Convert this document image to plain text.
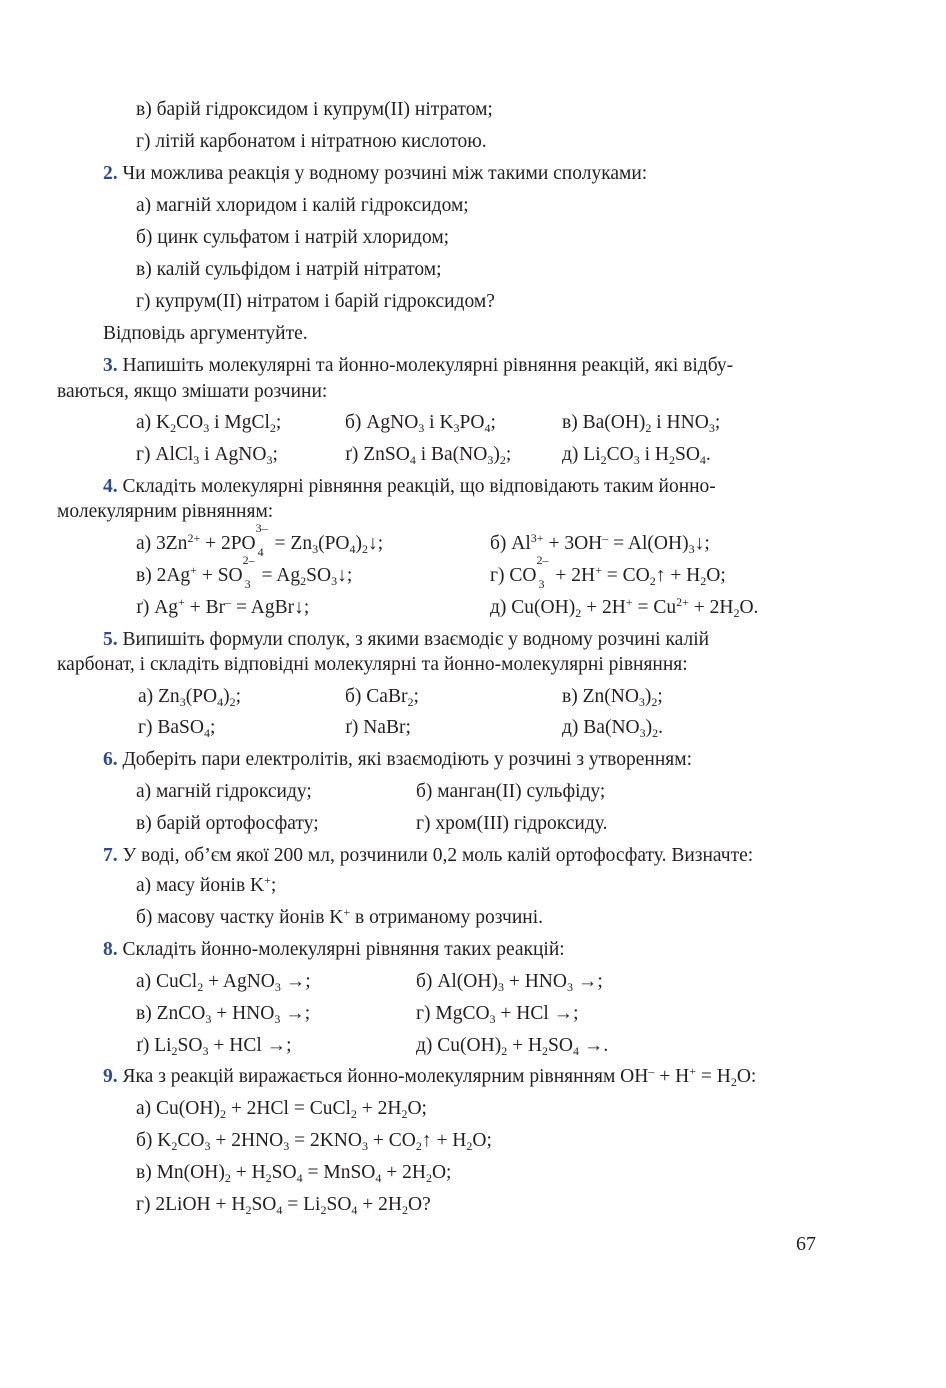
в) барій гідроксидом і купрум(ІІ) нітратом;
г) літій карбонатом і нітратною кислотою.
2. Чи можлива реакція у водному розчині між такими сполуками:
а) магній хлоридом і калій гідроксидом;
б) цинк сульфатом і натрій хлоридом;
в) калій сульфідом і натрій нітратом;
г) купрум(ІІ) нітратом і барій гідроксидом?
Відповідь аргументуйте.
3. Напишіть молекулярні та йонно-молекулярні рівняння реакцій, які відбу-
ваються, якщо змішати розчини:
а) $K_2CO_3$ і MgCl$_2$;	б) AgNO$_3$ і $K_3PO_4$;	в) $Ba(OH)_2$ і $HNO_3$;
г) AlCl$_3$ і AgNO$_3$;	ґ) ZnSO$_4$ і $Ba(NO_3)_2$;	д) $Li_2CO_3$ і $H_2SO_4$.
4. Складіть молекулярні рівняння реакцій, що відповідають таким йонно-
молекулярним рівнянням:
а) $3Zn^{2+} + 2PO$
3–
$4 = Zn_3(PO_4)_2↓$;	б) $Al^{3+} + 3OH^-$ = $Al(OH)_3↓$;
в) 2Ag+ + SO
2–
$3 = Ag_2SO_3↓$;	г) CO
2–
$3 + 2H^+ = CO_2↑ + H_2O$;
ґ) Ag+ + Br– = AgBr↓;	д) $Cu(OH)_2 + 2H^+ = Cu^{2+} + 2H_2O$.
5. Випишіть формули сполук, з якими взаємодіє у водному розчині калій
карбонат, і складіть відповідні молекулярні та йонно-молекулярні рівняння:
а) $Zn_3(PO_4)_2$;	б) CaBr$_2$;	в) $Zn(NO_3)_2$;
г) BaSO$_4$;	ґ) NaBr;	д) $Ba(NO_3)_2$.
6. Доберіть пари електролітів, які взаємодіють у розчині з утворенням:
а) магній гідроксиду;	б) манган(ІІ) сульфіду;
в) барій ортофосфату;	г) хром(ІІІ) гідроксиду.
7. У воді, об’єм якої 200 мл, розчинили 0,2 моль калій ортофосфату. Визначте:
а) масу йонів K+;
б) масову частку йонів K+ в отриманому розчині.
8. Складіть йонно-молекулярні рівняння таких реакцій:
а) CuCl$_2$ + AgNO$_3$ →;	б) $Al(OH)_3 + HNO_3$ →;
в) ZnCO$_3$ + $HNO_3$ →;	г) MgCO$_3$ + HCl →;
ґ) $Li_2SO_3$ + HCl →;	д) $Cu(OH)_2 + H_2SO_4$ →.
9. Яка з реакцій виражається йонно-молекулярним рівнянням $OH^- + H^+ = H_2O$:
а) $Cu(OH)_2 + 2HCl$ = CuCl$_2$ + $2H_2O$;
б) $K_2CO_3 + 2HNO_3 = 2KNO_3$ + $CO_2↑ + H_2O$;
в) $Mn(OH)_2 + H_2SO_4$ = MnSO$_4$ + $2H_2O$;
г) 2LiOH + $H_2SO_4 = Li_2SO_4 + 2H_2O$?
67
